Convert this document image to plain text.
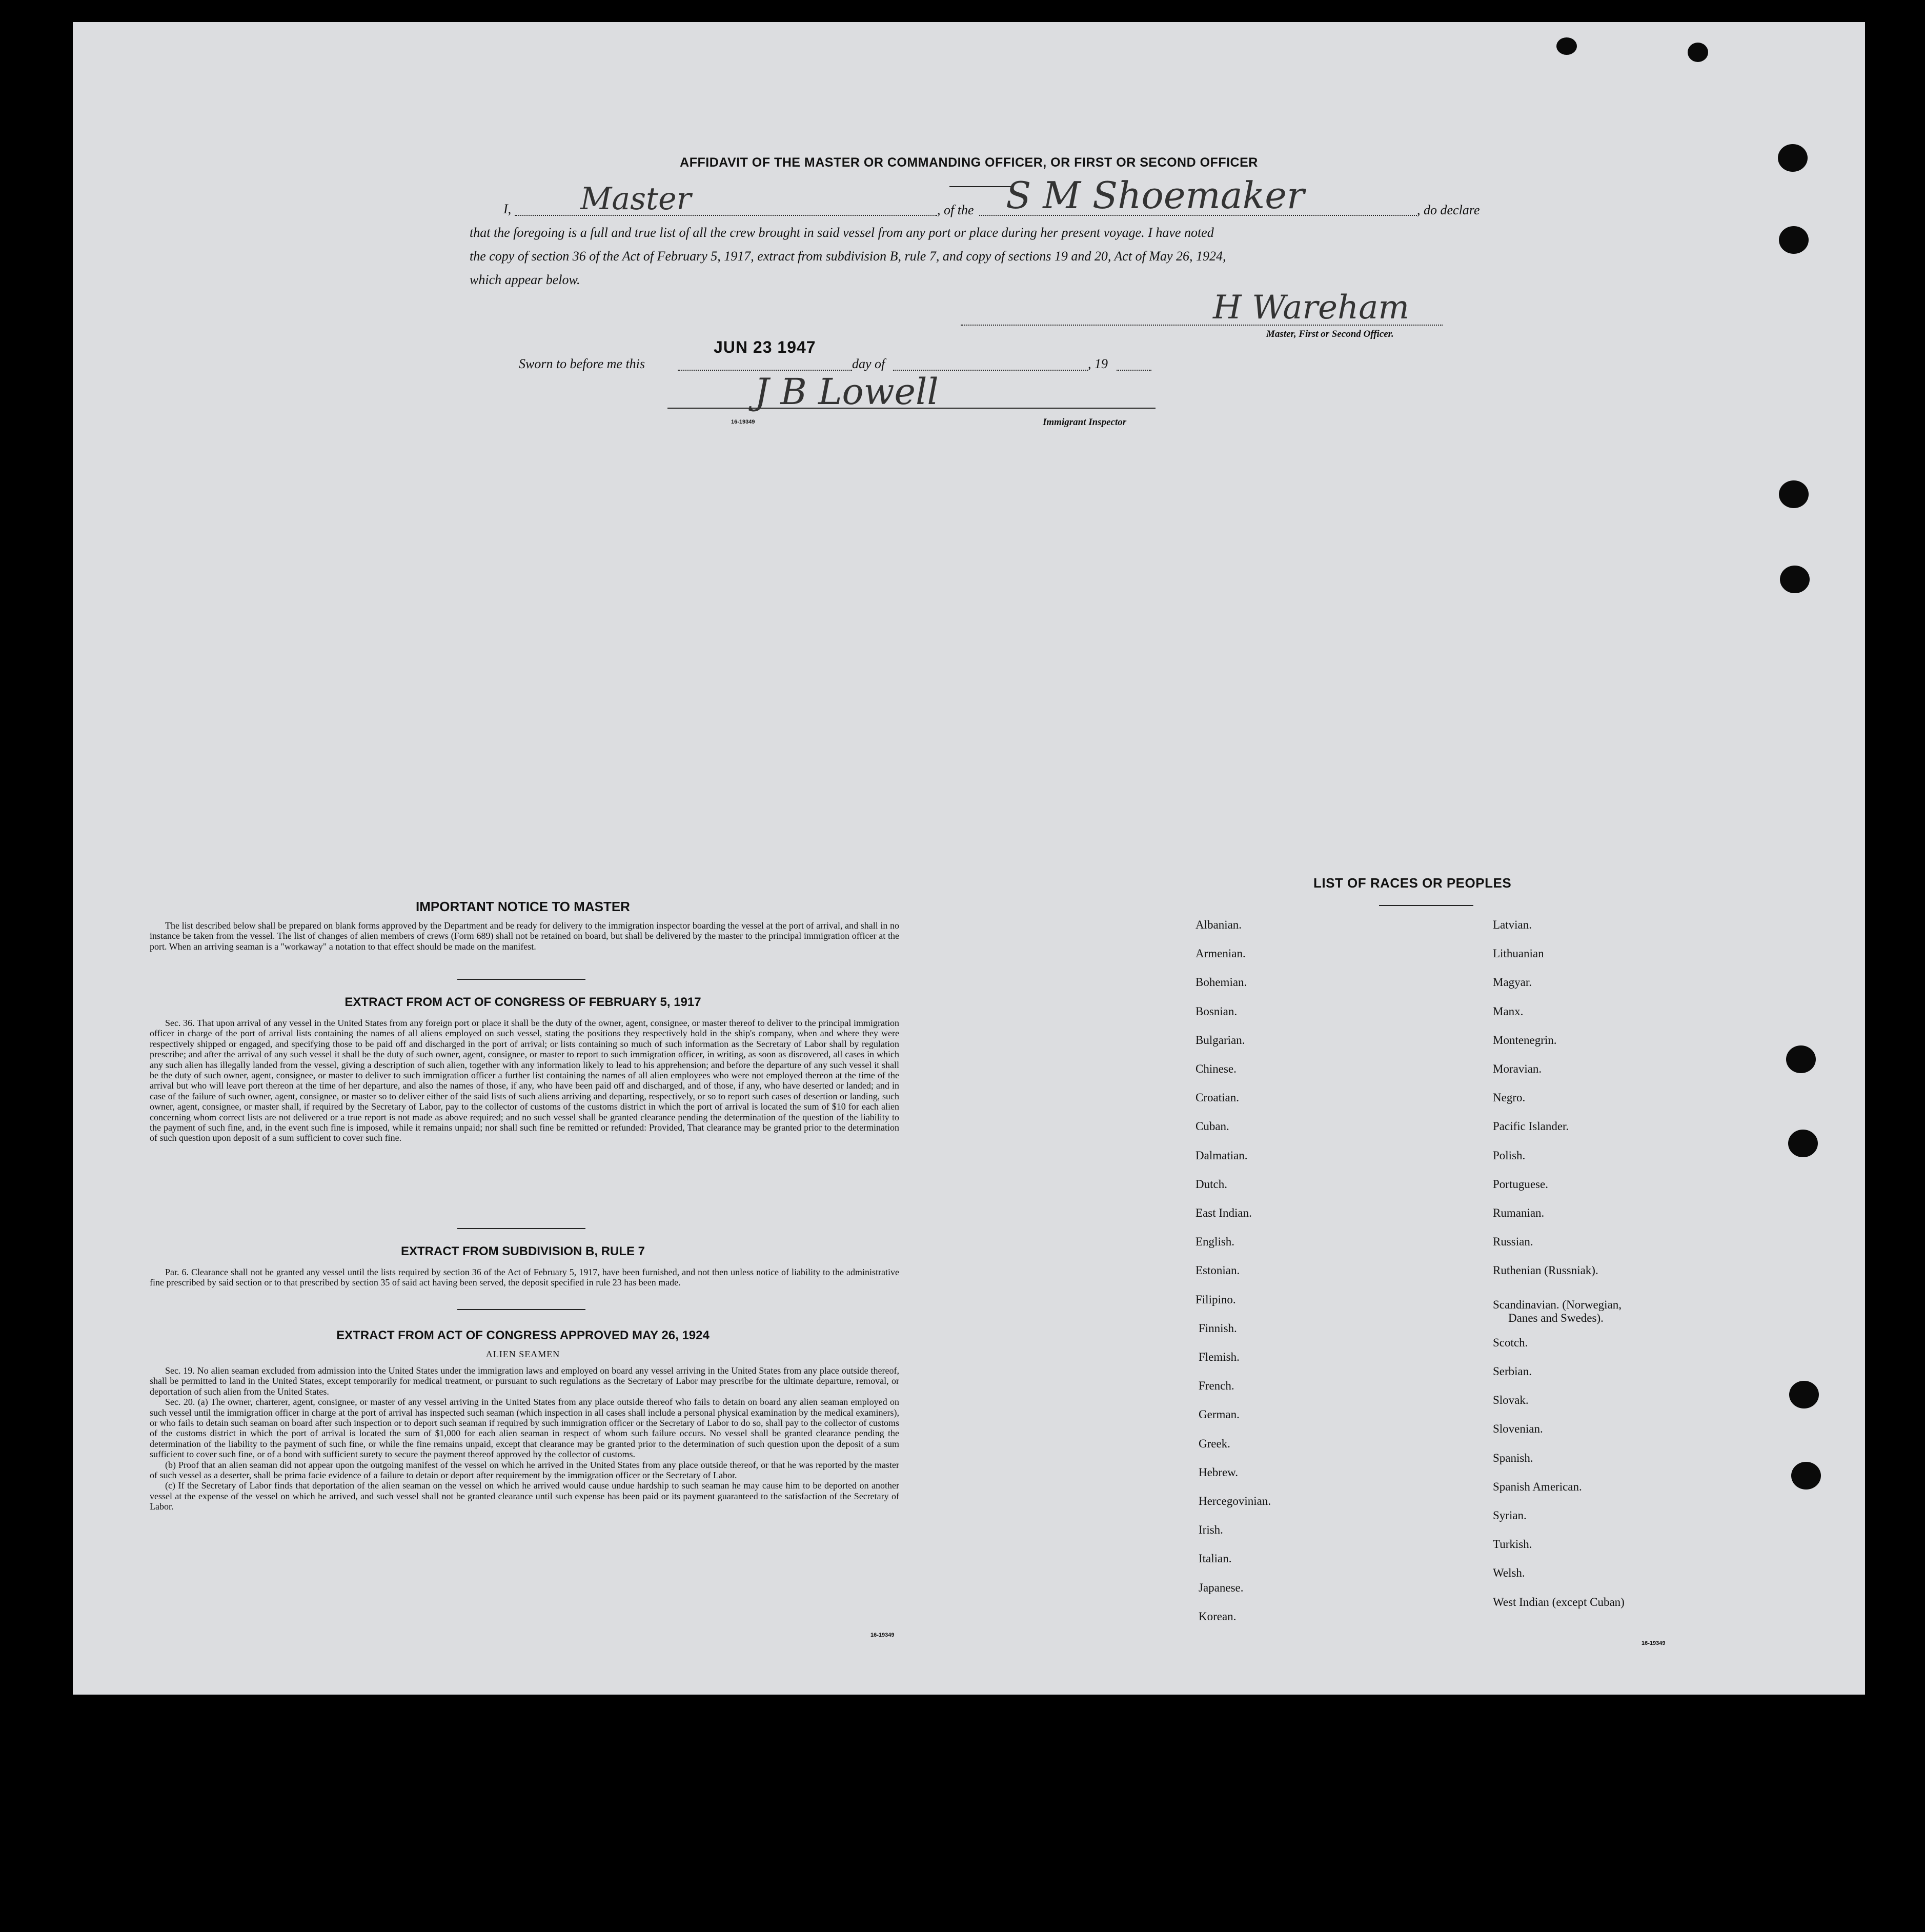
AFFIDAVIT OF THE MASTER OR COMMANDING OFFICER, OR FIRST OR SECOND OFFICER
I, Master	, of the S M Shoemaker	, do declare
that the foregoing is a full and true list of all the crew brought in said vessel from any port or place during her present voyage. I have noted
the copy of section 36 of the Act of February 5, 1917, extract from subdivision B, rule 7, and copy of sections 19 and 20, Act of May 26, 1924,
which appear below.
H Wareham
Master, First or Second Officer.
JUN 23 1947
Sworn to before me this	day of	, 19
J B Lowell
16-19349	Immigrant Inspector
IMPORTANT NOTICE TO MASTER

The list described below shall be prepared on blank forms approved by the Department and be ready for delivery to the immigration inspector boarding the vessel at the port of arrival, and shall in no instance be taken from the vessel. The list of changes of alien members of crews (Form 689) shall not be retained on board, but shall be delivered by the master to the principal immigration officer at the port. When an arriving seaman is a "workaway" a notation to that effect should be made on the manifest.

EXTRACT FROM ACT OF CONGRESS OF FEBRUARY 5, 1917

Sec. 36. That upon arrival of any vessel in the United States from any foreign port or place it shall be the duty of the owner, agent, consignee, or master thereof to deliver to the principal immigration officer in charge of the port of arrival lists containing the names of all aliens employed on such vessel, stating the positions they respectively hold in the ship's company, when and where they were respectively shipped or engaged, and specifying those to be paid off and discharged in the port of arrival; or lists containing so much of such information as the Secretary of Labor shall by regulation prescribe; and after the arrival of any such vessel it shall be the duty of such owner, agent, consignee, or master to report to such immigration officer, in writing, as soon as discovered, all cases in which any such alien has illegally landed from the vessel, giving a description of such alien, together with any information likely to lead to his apprehension; and before the departure of any such vessel it shall be the duty of such owner, agent, consignee, or master to deliver to such immigration officer a further list containing the names of all alien employees who were not employed thereon at the time of the arrival but who will leave port thereon at the time of her departure, and also the names of those, if any, who have been paid off and discharged, and of those, if any, who have deserted or landed; and in case of the failure of such owner, agent, consignee, or master so to deliver either of the said lists of such aliens arriving and departing, respectively, or so to report such cases of desertion or landing, such owner, agent, consignee, or master shall, if required by the Secretary of Labor, pay to the collector of customs of the customs district in which the port of arrival is located the sum of $10 for each alien concerning whom correct lists are not delivered or a true report is not made as above required; and no such vessel shall be granted clearance pending the determination of the question of the liability to the payment of such fine, and, in the event such fine is imposed, while it remains unpaid; nor shall such fine be remitted or refunded: Provided, That clearance may be granted prior to the determination of such question upon deposit of a sum sufficient to cover such fine.

EXTRACT FROM SUBDIVISION B, RULE 7

Par. 6. Clearance shall not be granted any vessel until the lists required by section 36 of the Act of February 5, 1917, have been furnished, and not then unless notice of liability to the administrative fine prescribed by said section or to that prescribed by section 35 of said act having been served, the deposit specified in rule 23 has been made.

EXTRACT FROM ACT OF CONGRESS APPROVED MAY 26, 1924
ALIEN SEAMEN

Sec. 19. No alien seaman excluded from admission into the United States under the immigration laws and employed on board any vessel arriving in the United States from any place outside thereof, shall be permitted to land in the United States, except temporarily for medical treatment, or pursuant to such regulations as the Secretary of Labor may prescribe for the ultimate departure, removal, or deportation of such alien from the United States.

Sec. 20. (a) The owner, charterer, agent, consignee, or master of any vessel arriving in the United States from any place outside thereof who fails to detain on board any alien seaman employed on such vessel until the immigration officer in charge at the port of arrival has inspected such seaman (which inspection in all cases shall include a personal physical examination by the medical examiners), or who fails to detain such seaman on board after such inspection or to deport such seaman if required by such immigration officer or the Secretary of Labor to do so, shall pay to the collector of customs of the customs district in which the port of arrival is located the sum of $1,000 for each alien seaman in respect of whom such failure occurs. No vessel shall be granted clearance pending the determination of the liability to the payment of such fine, or while the fine remains unpaid, except that clearance may be granted prior to the determination of such question upon the deposit of a sum sufficient to cover such fine, or of a bond with sufficient surety to secure the payment thereof approved by the collector of customs.

(b) Proof that an alien seaman did not appear upon the outgoing manifest of the vessel on which he arrived in the United States from any place outside thereof, or that he was reported by the master of such vessel as a deserter, shall be prima facie evidence of a failure to detain or deport after requirement by the immigration officer or the Secretary of Labor.

(c) If the Secretary of Labor finds that deportation of the alien seaman on the vessel on which he arrived would cause undue hardship to such seaman he may cause him to be deported on another vessel at the expense of the vessel on which he arrived, and such vessel shall not be granted clearance until such expense has been paid or its payment guaranteed to the satisfaction of the Secretary of Labor.

16-19349
LIST OF RACES OR PEOPLES
16-19349
Albanian.
Armenian.
Bohemian.
Bosnian.
Bulgarian.
Chinese.
Croatian.
Cuban.
Dalmatian.
Dutch.
East Indian.
English.
Estonian.
Filipino.
Finnish.
Flemish.
French.
German.
Greek.
Hebrew.
Hercegovinian.
Irish.
Italian.
Japanese.
Korean.
Latvian.
Lithuanian
Magyar.
Manx.
Montenegrin.
Moravian.
Negro.
Pacific Islander.
Polish.
Portuguese.
Rumanian.
Russian.
Ruthenian (Russniak).
Scandinavian. (Norwegian,
Danes and Swedes).
Scotch.
Serbian.
Slovak.
Slovenian.
Spanish.
Spanish American.
Syrian.
Turkish.
Welsh.
West Indian (except Cuban)
